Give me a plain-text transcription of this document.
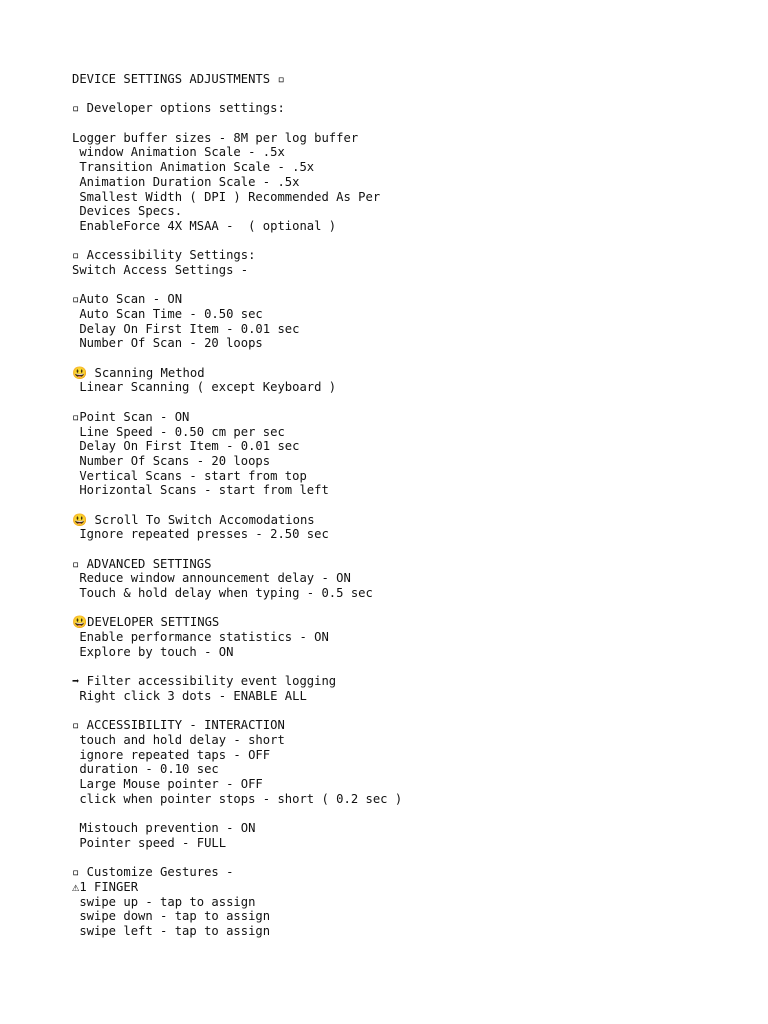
DEVICE SETTINGS ADJUSTMENTS ▫
▫ Developer options settings:
Logger buffer sizes - 8M per log buffer
window Animation Scale - .5x
Transition Animation Scale - .5x
Animation Duration Scale - .5x
Smallest Width ( DPI ) Recommended As Per
Devices Specs.
EnableForce 4X MSAA -  ( optional )
▫ Accessibility Settings:
Switch Access Settings -
▫Auto Scan - ON
Auto Scan Time - 0.50 sec
Delay On First Item - 0.01 sec
Number Of Scan - 20 loops
😃 Scanning Method
Linear Scanning ( except Keyboard )
▫Point Scan - ON
Line Speed - 0.50 cm per sec
Delay On First Item - 0.01 sec
Number Of Scans - 20 loops
Vertical Scans - start from top
Horizontal Scans - start from left
😃 Scroll To Switch Accomodations
Ignore repeated presses - 2.50 sec
▫ ADVANCED SETTINGS
Reduce window announcement delay - ON
Touch & hold delay when typing - 0.5 sec
😃DEVELOPER SETTINGS
Enable performance statistics - ON
Explore by touch - ON
➡ Filter accessibility event logging
Right click 3 dots - ENABLE ALL
▫ ACCESSIBILITY - INTERACTION
touch and hold delay - short
ignore repeated taps - OFF
duration - 0.10 sec
Large Mouse pointer - OFF
click when pointer stops - short ( 0.2 sec )
Mistouch prevention - ON
Pointer speed - FULL
▫ Customize Gestures -
⚠1 FINGER
swipe up - tap to assign
swipe down - tap to assign
swipe left - tap to assign
